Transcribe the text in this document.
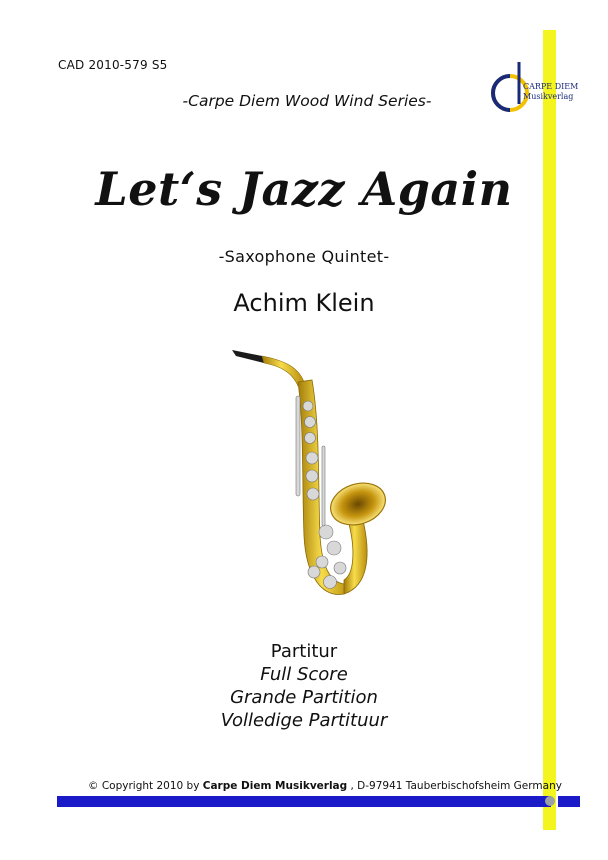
CAD 2010-579 S5
-Carpe Diem Wood Wind Series-
CARPE DIEM
Musikverlag
Let‘s Jazz Again
-Saxophone Quintet-
Achim Klein
Partitur
Full Score
Grande Partition
Volledige Partituur
© Copyright 2010 by Carpe Diem Musikverlag , D-97941 Tauberbischofsheim Germany
